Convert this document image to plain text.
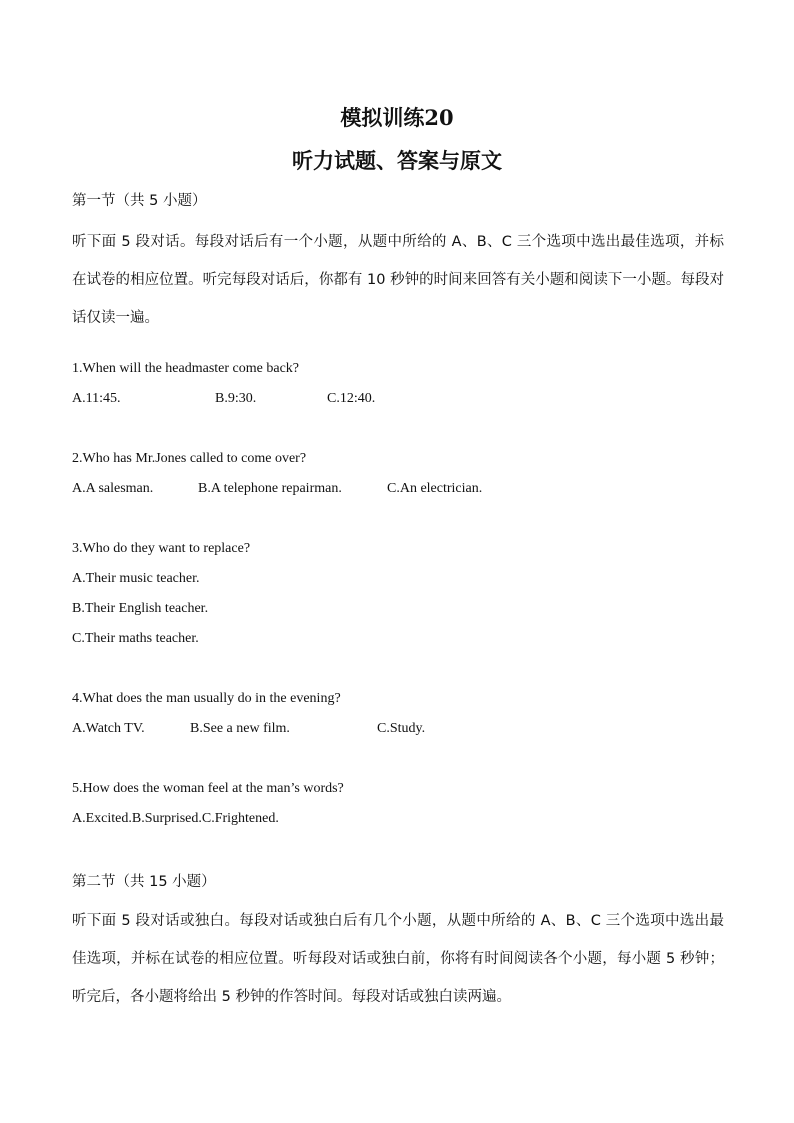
模拟训练20
听力试题、答案与原文
第一节（共 5 小题）
听下面 5 段对话。每段对话后有一个小题，从题中所给的 A、B、C 三个选项中选出最佳选项，并标在试卷的相应位置。听完每段对话后，你都有 10 秒钟的时间来回答有关小题和阅读下一小题。每段对话仅读一遍。
1.When will the headmaster come back?
A.11:45.	B.9:30.	C.12:40.
2.Who has Mr.Jones called to come over?
A.A salesman.	B.A telephone repairman.	C.An electrician.
3.Who do they want to replace?
A.Their music teacher.
B.Their English teacher.
C.Their maths teacher.
4.What does the man usually do in the evening?
A.Watch TV.	B.See a new film.	C.Study.
5.How does the woman feel at the man’s words?
A.Excited.B.Surprised.C.Frightened.
第二节（共 15 小题）
听下面 5 段对话或独白。每段对话或独白后有几个小题，从题中所给的 A、B、C 三个选项中选出最佳选项，并标在试卷的相应位置。听每段对话或独白前，你将有时间阅读各个小题，每小题 5 秒钟；听完后，各小题将给出 5 秒钟的作答时间。每段对话或独白读两遍。
